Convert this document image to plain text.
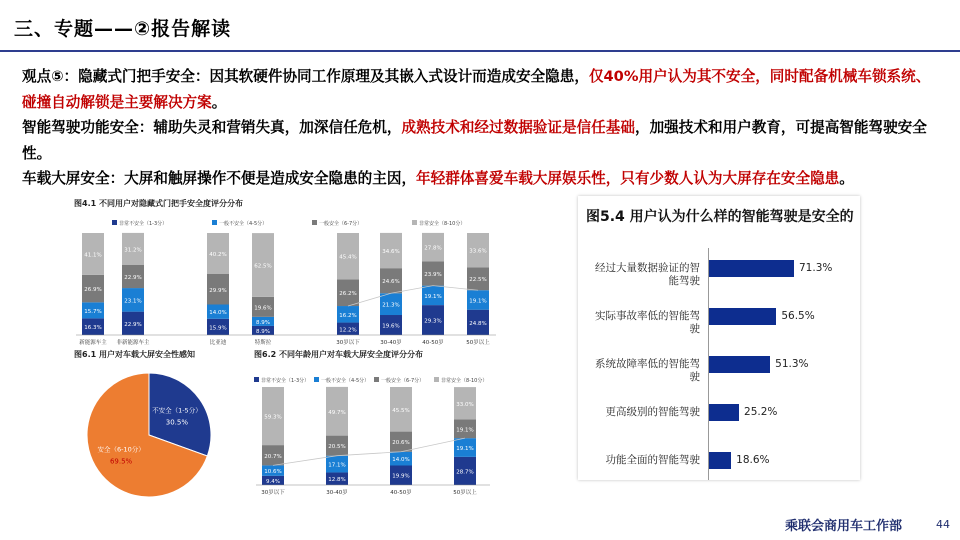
三、专题——②报告解读
观点⑤：隐藏式门把手安全：因其软硬件协同工作原理及其嵌入式设计而造成安全隐患，仅40%用户认为其不安全，同时配备机械车锁系统、碰撞自动解锁是主要解决方案。
智能驾驶功能安全：辅助失灵和营销失真，加深信任危机，成熟技术和经过数据验证是信任基础，加强技术和用户教育，可提高智能驾驶安全性。
车载大屏安全：大屏和触屏操作不便是造成安全隐患的主因，年轻群体喜爱车载大屏娱乐性，只有少数人认为大屏存在安全隐患。
图4.1 不同用户对隐藏式门把手安全度评分分布
非常不安全（1-3分）	一般不安全（4-5分）	一般安全（6-7分）	非常安全（8-10分）
16.3%
15.7%
26.9%
41.1%
新能源车主
22.9%
23.1%
22.9%
31.2%
非新能源车主
15.9%
14.0%
29.9%
40.2%
比亚迪
8.9%
8.9%
19.6%
62.5%
特斯拉
12.2%
16.2%
26.2%
45.4%
30岁以下
19.6%
21.3%
24.6%
34.6%
30-40岁
29.3%
19.1%
23.9%
27.8%
40-50岁
24.8%
19.1%
22.5%
33.6%
50岁以上
图6.1 用户对车载大屏安全性感知
不安全（1-5分）
30.5%
安全（6-10分）
69.5%
图6.2 不同年龄用户对车载大屏安全度评分分布
非常不安全（1-3分） 一般不安全（4-5分） 一般安全（6-7分）	非常安全（8-10分）
9.4%
10.6%
20.7%
59.3%
30岁以下
12.8%
17.1%
20.5%
49.7%
30-40岁
19.9%
14.0%
20.6%
45.5%
40-50岁
28.7%
19.1%
19.1%
33.0%
50岁以上
图5.4 用户认为什么样的智能驾驶是安全的
经过大量数据验证的智能驾驶
71.3%
实际事故率低的智能驾驶
56.5%
系统故障率低的智能驾驶
51.3%
更高级别的智能驾驶	25.2%
功能全面的智能驾驶	18.6%
乘联会商用车工作部	44
